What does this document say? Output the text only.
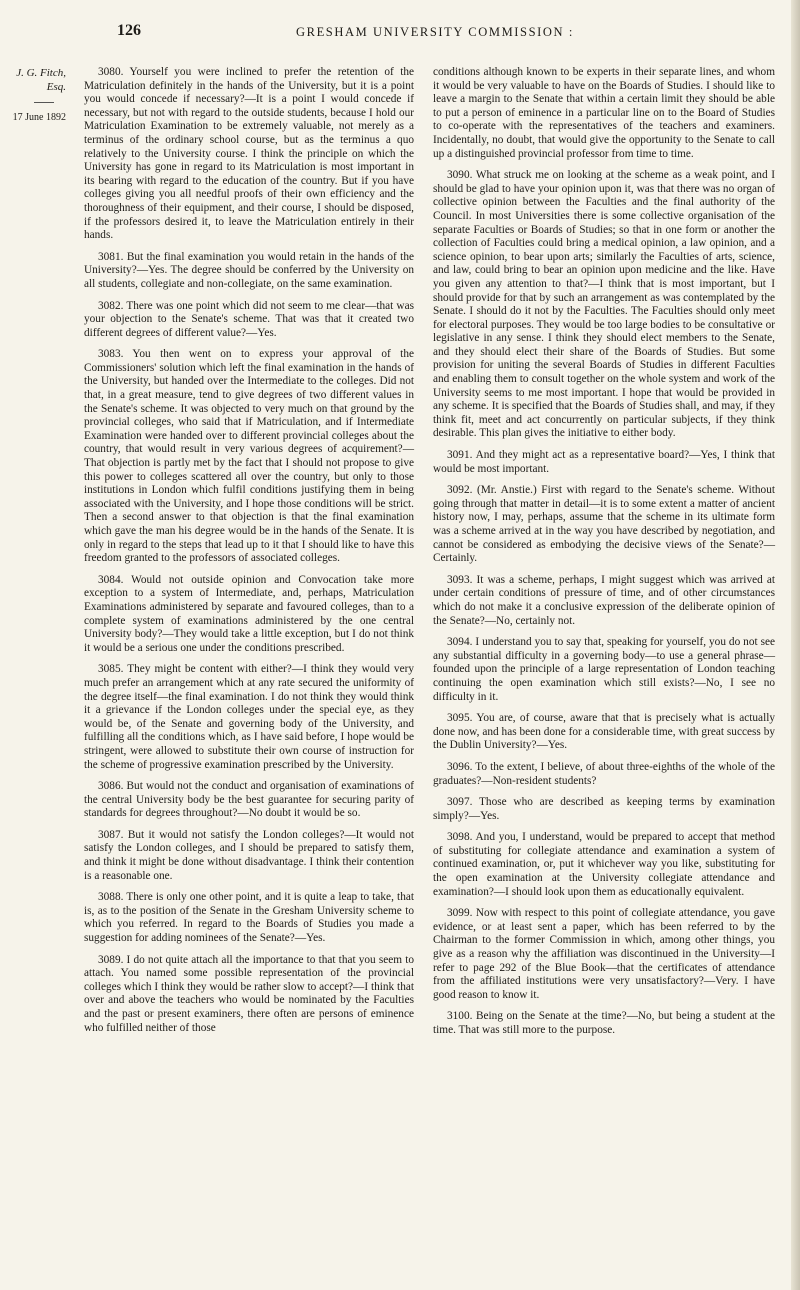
126	GRESHAM UNIVERSITY COMMISSION :
J. G. Fitch, Esq.
17 June 1892

3080. Yourself you were inclined to prefer the retention of the Matriculation definitely in the hands of the University, but it is a point you would concede if necessary?—It is a point I would concede if necessary, but not with regard to the outside students, because I hold our Matriculation Examination to be extremely valuable, not merely as a terminus of the ordinary school course, but as the terminus a quo relatively to the University course. I think the principle on which the University has gone in regard to its Matriculation is most important in its bearing with regard to the education of the country. But if you have colleges giving you all needful proofs of their own efficiency and the thoroughness of their equipment, and their course, I should be disposed, if the professors desired it, to leave the Matriculation entirely in their hands.

3081. But the final examination you would retain in the hands of the University?—Yes. The degree should be conferred by the University on all students, collegiate and non-collegiate, on the same examination.

3082. There was one point which did not seem to me clear—that was your objection to the Senate's scheme. That was that it created two different degrees of different value?—Yes.

3083. You then went on to express your approval of the Commissioners' solution which left the final examination in the hands of the University, but handed over the Intermediate to the colleges. Did not that, in a great measure, tend to give degrees of two different values in the Senate's scheme. It was objected to very much on that ground by the provincial colleges, who said that if Matriculation, and if Intermediate Examination were handed over to different provincial colleges about the country, that would result in very various degrees of acquirement?—That objection is partly met by the fact that I should not propose to give this power to colleges scattered all over the country, but only to those institutions in London which fulfil conditions justifying them in being associated with the University, and I hope those conditions will be strict. Then a second answer to that objection is that the final examination which gave the man his degree would be in the hands of the Senate. It is only in regard to the steps that lead up to it that I should like to have this freedom granted to the professors of associated colleges.

3084. Would not outside opinion and Convocation take more exception to a system of Intermediate, and, perhaps, Matriculation Examinations administered by separate and favoured colleges, than to a complete system of examinations administered by the one central University body?—They would take a little exception, but I do not think it would be a serious one under the conditions prescribed.

3085. They might be content with either?—I think they would very much prefer an arrangement which at any rate secured the uniformity of the degree itself—the final examination. I do not think they would think it a grievance if the London colleges under the special eye, as they would be, of the Senate and governing body of the University, and fulfilling all the conditions which, as I have said before, I hope would be stringent, were allowed to substitute their own course of instruction for the scheme of progressive examination prescribed by the University.

3086. But would not the conduct and organisation of examinations of the central University body be the best guarantee for securing parity of standards for degrees throughout?—No doubt it would be so.

3087. But it would not satisfy the London colleges?—It would not satisfy the London colleges, and I should be prepared to satisfy them, and think it might be done without disadvantage. I think their contention is a reasonable one.

3088. There is only one other point, and it is quite a leap to take, that is, as to the position of the Senate in the Gresham University scheme to which you referred. In regard to the Boards of Studies you made a suggestion for adding nominees of the Senate?—Yes.

3089. I do not quite attach all the importance to that that you seem to attach. You named some possible representation of the provincial colleges which I think they would be rather slow to accept?—I think that over and above the teachers who would be nominated by the Faculties and the past or present examiners, there often are persons of eminence who fulfilled neither of those

conditions although known to be experts in their separate lines, and whom it would be very valuable to have on the Boards of Studies. I should like to leave a margin to the Senate that within a certain limit they should be able to put a person of eminence in a particular line on to the Board of Studies to co-operate with the representatives of the teachers and examiners. Incidentally, no doubt, that would give the opportunity to the Senate to call up a distinguished provincial professor from time to time.

3090. What struck me on looking at the scheme as a weak point, and I should be glad to have your opinion upon it, was that there was no organ of collective opinion between the Faculties and the final authority of the Council. In most Universities there is some collective organisation of the separate Faculties or Boards of Studies; so that in one form or another the collection of Faculties could bring a medical opinion, a law opinion, and a science opinion, to bear upon arts; similarly the Faculties of arts, science, and law, could bring to bear an opinion upon medicine and the like. Have you given any attention to that?—I think that is most important, but I should provide for that by such an arrangement as was contemplated by the Senate. I should do it not by the Faculties. The Faculties should only meet for electoral purposes. They would be too large bodies to be consultative or legislative in any sense. I think they should elect members to the Senate, and they should elect their share of the Boards of Studies. But some provision for uniting the several Boards of Studies in different Faculties and enabling them to consult together on the whole system and work of the University seems to me most important. I hope that would be provided in any scheme. It is specified that the Boards of Studies shall, and may, if they think fit, meet and act concurrently on particular subjects, if they think desirable. This plan gives the initiative to either body.

3091. And they might act as a representative board?—Yes, I think that would be most important.

3092. (Mr. Anstie.) First with regard to the Senate's scheme. Without going through that matter in detail—it is to some extent a matter of ancient history now, I may, perhaps, assume that the scheme in its ultimate form was a scheme arrived at in the way you have described by negotiation, and cannot be considered as embodying the decisive views of the Senate?—Certainly.

3093. It was a scheme, perhaps, I might suggest which was arrived at under certain conditions of pressure of time, and of other circumstances which do not make it a conclusive expression of the deliberate opinion of the Senate?—No, certainly not.

3094. I understand you to say that, speaking for yourself, you do not see any substantial difficulty in a governing body—to use a general phrase—founded upon the principle of a large representation of London teaching continuing the open examination which still exists?—No, I see no difficulty in it.

3095. You are, of course, aware that that is precisely what is actually done now, and has been done for a considerable time, with great success by the Dublin University?—Yes.

3096. To the extent, I believe, of about three-eighths of the whole of the graduates?—Non-resident students?

3097. Those who are described as keeping terms by examination simply?—Yes.

3098. And you, I understand, would be prepared to accept that method of substituting for collegiate attendance and examination a system of continued examination, or, put it whichever way you like, substituting for the open examination at the University collegiate attendance and examination?—I should look upon them as educationally equivalent.

3099. Now with respect to this point of collegiate attendance, you gave evidence, or at least sent a paper, which has been referred to by the Chairman to the former Commission in which, among other things, you give as a reason why the affiliation was discontinued in the University—I refer to page 292 of the Blue Book—that the certificates of attendance from the affiliated institutions were very unsatisfactory?—Very. I have good reason to know it.

3100. Being on the Senate at the time?—No, but being a student at the time. That was still more to the purpose.
